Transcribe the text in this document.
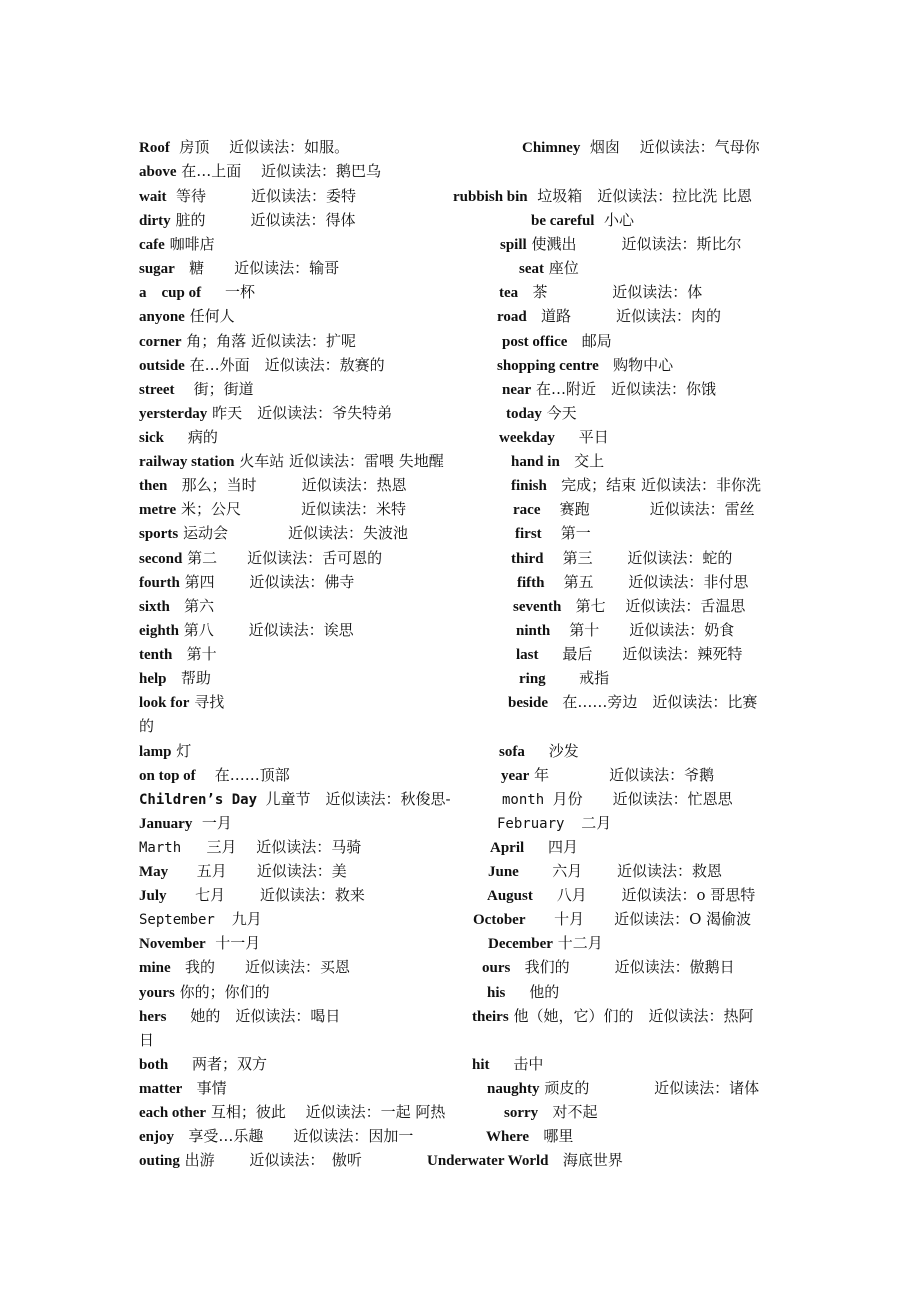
Roof 房顶　 近似读法：如服。	Chimney 烟囱　 近似读法：气母你
above 在…上面　 近似读法：鹅巴乌
wait 等待　　　近似读法：委特	rubbish bin 垃圾箱　近似读法：拉比洗 比恩
dirty 脏的　　　近似读法：得体	be careful 小心
cafe 咖啡店	spill 使溅出　　　近似读法：斯比尔
sugar 糖　　近似读法：输哥	seat 座位
a　cup of 一杯	tea 茶　　　　 近似读法：体
anyone 任何人	road 道路　　　近似读法：肉的
corner 角；角落 近似读法：扩呢	post office 邮局
outside 在…外面　近似读法：敖赛的	shopping centre 购物中心
street 街；街道	near 在…附近　近似读法：你饿
yersterday 昨天　近似读法：爷失特弟	today 今天
sick 病的	weekday 平日
railway station 火车站 近似读法：雷喂 失地醒	hand in 交上
then 那么；当时　　　近似读法：热恩	finish 完成；结束 近似读法：非你洗
metre 米；公尺　　　　近似读法：米特	race 赛跑　　　　近似读法：雷丝
sports 运动会　　　　近似读法：失波池	first 第一
second 第二　　近似读法：舌可恩的	third 第三　　 近似读法：蛇的
fourth 第四　　 近似读法：佛寺	fifth 第五　　 近似读法：非付思
sixth 第六	seventh 第七　 近似读法：舌温思
eighth 第八　　 近似读法：诶思	ninth 第十　　近似读法：奶食
tenth 第十	last 最后　　近似读法：辣死特
help 帮助	ring 戒指
look for 寻找	beside 在……旁边　近似读法：比赛
的
lamp 灯	sofa 沙发
on top of 在……顶部	year 年　　　　近似读法：爷鹅
Children’s Day 儿童节　近似读法：秋俊思-	month 月份　　近似读法：忙恩思
January 一月	February 二月
Marth 三月　 近似读法：马骑	April 四月
May 五月　　近似读法：美	June 六月　　 近似读法：救恩
July 七月　　 近似读法：救来	August 八月　　 近似读法：o 哥思特
September 九月	October 十月　　近似读法：O 渴偷波
November 十一月	December 十二月
mine 我的　　近似读法：买恩	ours 我们的　　　近似读法：傲鹅日
yours 你的；你们的	his 他的
hers 她的　近似读法：喝日	theirs 他（她，它）们的　近似读法：热阿
日
both 两者；双方	hit 击中
matter 事情	naughty 顽皮的　　　　 近似读法：诸体
each other 互相；彼此　 近似读法：一起 阿热	sorry 对不起
enjoy 享受…乐趣　　近似读法：因加一	Where 哪里
outing 出游　　 近似读法：　傲听	Underwater World 海底世界
